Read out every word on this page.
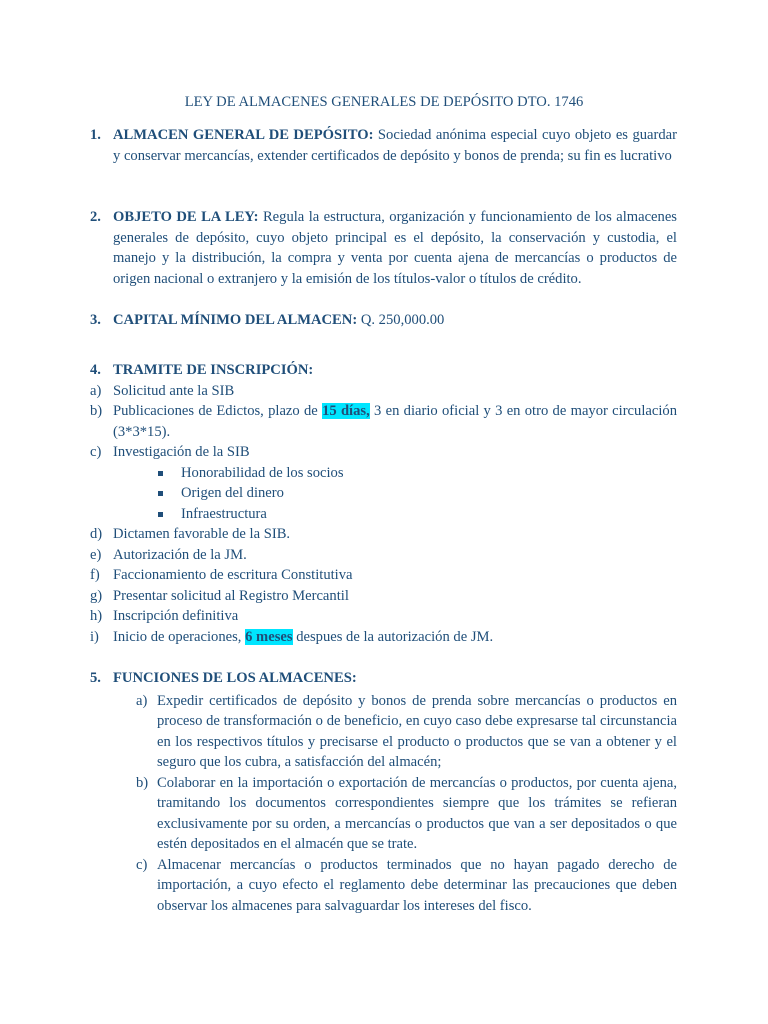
LEY DE ALMACENES GENERALES DE DEPÓSITO DTO. 1746
1. ALMACEN GENERAL DE DEPÓSITO: Sociedad anónima especial cuyo objeto es guardar y conservar mercancías, extender certificados de depósito y bonos de prenda; su fin es lucrativo
2. OBJETO DE LA LEY: Regula la estructura, organización y funcionamiento de los almacenes generales de depósito, cuyo objeto principal es el depósito, la conservación y custodia, el manejo y la distribución, la compra y venta por cuenta ajena de mercancías o productos de origen nacional o extranjero y la emisión de los títulos-valor o títulos de crédito.
3. CAPITAL MÍNIMO DEL ALMACEN: Q. 250,000.00
4. TRAMITE DE INSCRIPCIÓN:
a) Solicitud ante la SIB
b) Publicaciones de Edictos, plazo de 15 días, 3 en diario oficial y 3 en otro de mayor circulación (3*3*15).
c) Investigación de la SIB
Honorabilidad de los socios
Origen del dinero
Infraestructura
d) Dictamen favorable de la SIB.
e) Autorización de la JM.
f) Faccionamiento de escritura Constitutiva
g) Presentar solicitud al Registro Mercantil
h) Inscripción definitiva
i) Inicio de operaciones, 6 meses despues de la autorización de JM.
5. FUNCIONES DE LOS ALMACENES:
a) Expedir certificados de depósito y bonos de prenda sobre mercancías o productos en proceso de transformación o de beneficio, en cuyo caso debe expresarse tal circunstancia en los respectivos títulos y precisarse el producto o productos que se van a obtener y el seguro que los cubra, a satisfacción del almacén;
b) Colaborar en la importación o exportación de mercancías o productos, por cuenta ajena, tramitando los documentos correspondientes siempre que los trámites se refieran exclusivamente por su orden, a mercancías o productos que van a ser depositados o que estén depositados en el almacén que se trate.
c) Almacenar mercancías o productos terminados que no hayan pagado derecho de importación, a cuyo efecto el reglamento debe determinar las precauciones que deben observar los almacenes para salvaguardar los intereses del fisco.
